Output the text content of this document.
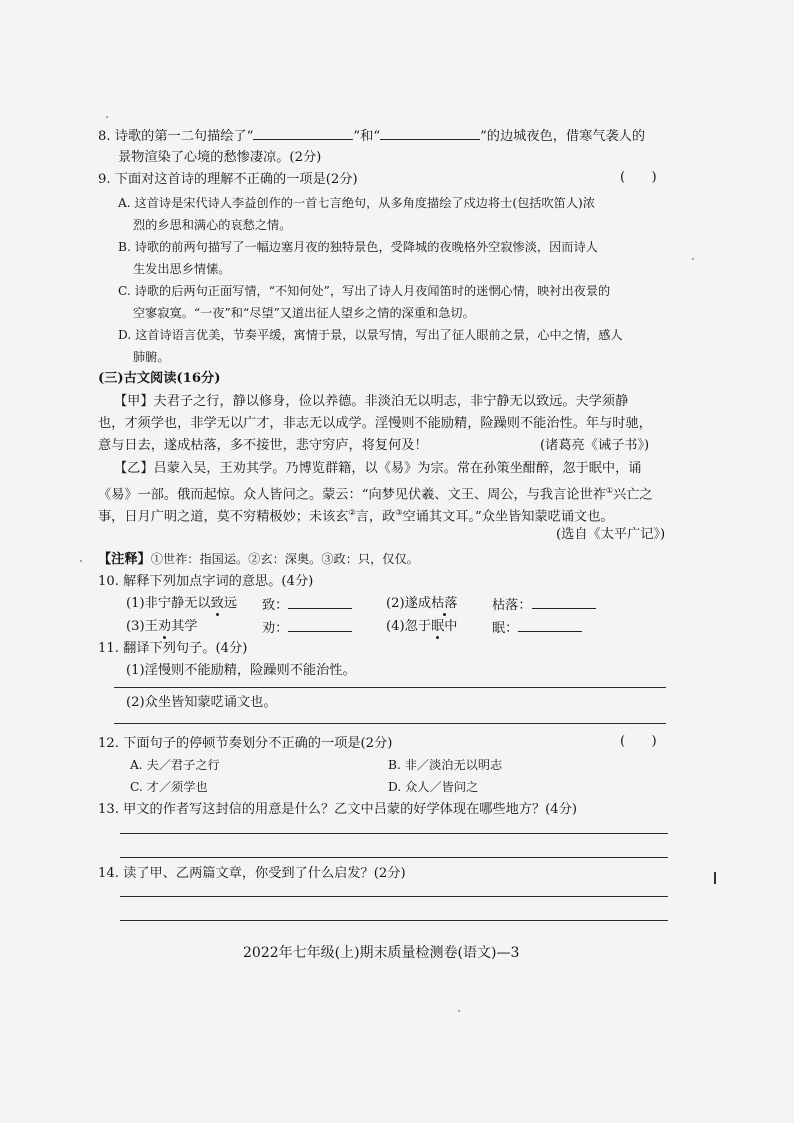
8. 诗歌的第一二句描绘了“	”和“	”的边城夜色，借寒气袭人的
景物渲染了心境的愁惨凄凉。(2分)
9. 下面对这首诗的理解不正确的一项是(2分)	(　　)
A. 这首诗是宋代诗人李益创作的一首七言绝句，从多角度描绘了戍边将士(包括吹笛人)浓
烈的乡思和满心的哀愁之情。
B. 诗歌的前两句描写了一幅边塞月夜的独特景色，受降城的夜晚格外空寂惨淡，因而诗人
生发出思乡情愫。
C. 诗歌的后两句正面写情，“不知何处”，写出了诗人月夜闻笛时的迷惘心情，映衬出夜景的
空寥寂寞。“一夜”和“尽望”又道出征人望乡之情的深重和急切。
D. 这首诗语言优美，节奏平缓，寓情于景，以景写情，写出了征人眼前之景，心中之情，感人
肺腑。
(三)古文阅读(16分)
【甲】夫君子之行，静以修身，俭以养德。非淡泊无以明志，非宁静无以致远。夫学须静
也，才须学也，非学无以广才，非志无以成学。淫慢则不能励精，险躁则不能治性。年与时驰，
意与日去，遂成枯落，多不接世，悲守穷庐，将复何及！	(诸葛亮《诫子书》)
【乙】吕蒙入吴，王劝其学。乃博览群籍，以《易》为宗。常在孙策坐酣醉，忽于眠中，诵
《易》一部。俄而起惊。众人皆问之。蒙云：“向梦见伏羲、文王、周公，与我言论世祚①兴亡之
事，日月广明之道，莫不穷精极妙；未该玄②言，政③空诵其文耳。”众坐皆知蒙呓诵文也。
(选自《太平广记》)
【注释】①世祚：指国运。②玄：深奥。③政：只，仅仅。
10. 解释下列加点字词的意思。(4分)
(1)非宁静无以致远 致：	(2)遂成枯落	枯落：
(3)王劝其学	劝：	(4)忽于眠中	眠：
11. 翻译下列句子。(4分)
(1)淫慢则不能励精，险躁则不能治性。
(2)众坐皆知蒙呓诵文也。
12. 下面句子的停顿节奏划分不正确的一项是(2分)	(　　)
A. 夫／君子之行	B. 非／淡泊无以明志
C. 才／须学也	D. 众人／皆问之
13. 甲文的作者写这封信的用意是什么？乙文中吕蒙的好学体现在哪些地方？(4分)
14. 读了甲、乙两篇文章，你受到了什么启发？(2分)
2022年七年级(上)期末质量检测卷(语文)—3
